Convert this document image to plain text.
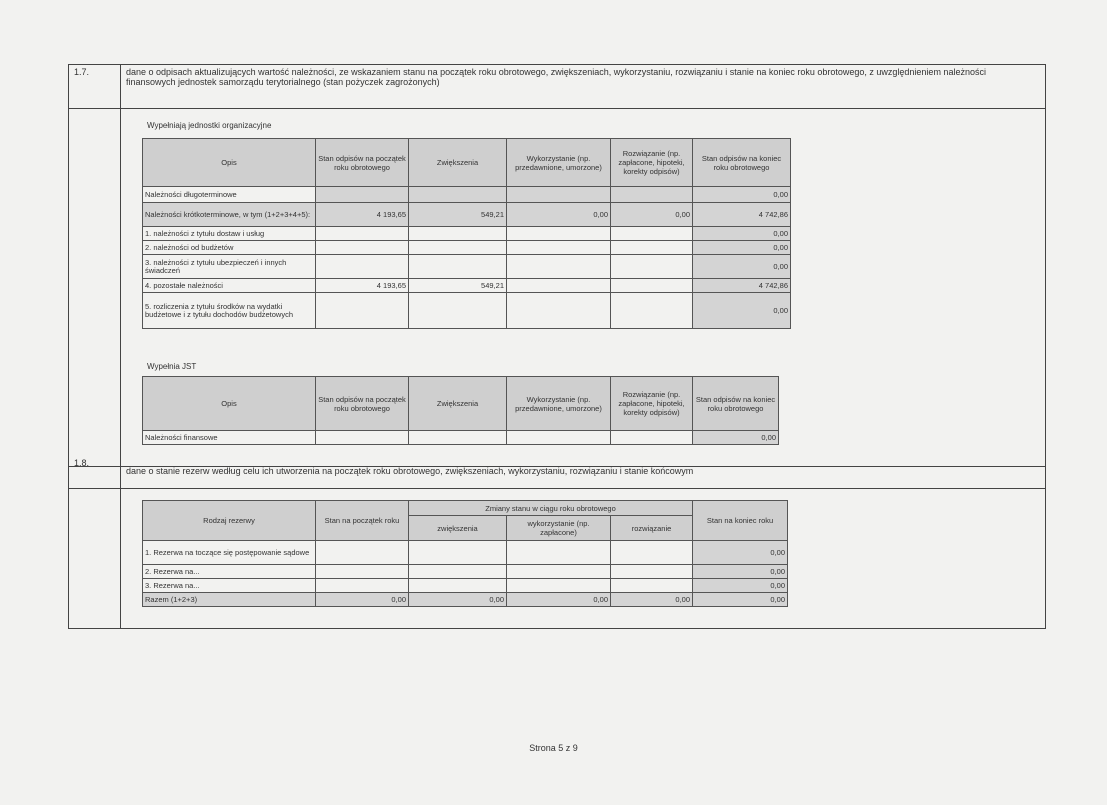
1.7.	dane o odpisach aktualizujących wartość należności, ze wskazaniem stanu na początek roku obrotowego, zwiększeniach, wykorzystaniu, rozwiązaniu i stanie na koniec roku obrotowego, z uwzględnieniem należności finansowych jednostek samorządu terytorialnego (stan pożyczek zagrożonych)
Wypełniają jednostki organizacyjne
Opis	Stan odpisów na początek roku obrotowego	Zwiększenia	Wykorzystanie (np. przedawnione, umorzone)	Rozwiązanie (np. zapłacone, hipoteki, korekty odpisów)	Stan odpisów na koniec roku obrotowego
Należności długoterminowe					0,00
Należności krótkoterminowe, w tym (1+2+3+4+5):	4 193,65	549,21	0,00	0,00	4 742,86
1. należności z tytułu dostaw i usług					0,00
2. należności od budżetów					0,00
3. należności z tytułu ubezpieczeń i innych świadczeń					0,00
4. pozostałe należności	4 193,65	549,21			4 742,86
5. rozliczenia z tytułu środków na wydatki budżetowe i z tytułu dochodów budżetowych					0,00
Wypełnia JST
Opis	Stan odpisów na początek roku obrotowego	Zwiększenia	Wykorzystanie (np. przedawnione, umorzone)	Rozwiązanie (np. zapłacone, hipoteki, korekty odpisów)	Stan odpisów na koniec roku obrotowego
Należności finansowe					0,00
1.8.
dane o stanie rezerw według celu ich utworzenia na początek roku obrotowego, zwiększeniach, wykorzystaniu, rozwiązaniu i stanie końcowym
Rodzaj rezerwy	Stan na początek roku	Zmiany stanu w ciągu roku obrotowego			Stan na koniec roku
		zwiększenia	wykorzystanie (np. zapłacone)	rozwiązanie	
1. Rezerwa na toczące się postępowanie sądowe					0,00
2. Rezerwa na...					0,00
3. Rezerwa na...					0,00
Razem (1+2+3)	0,00	0,00	0,00	0,00	0,00
Strona 5 z 9
